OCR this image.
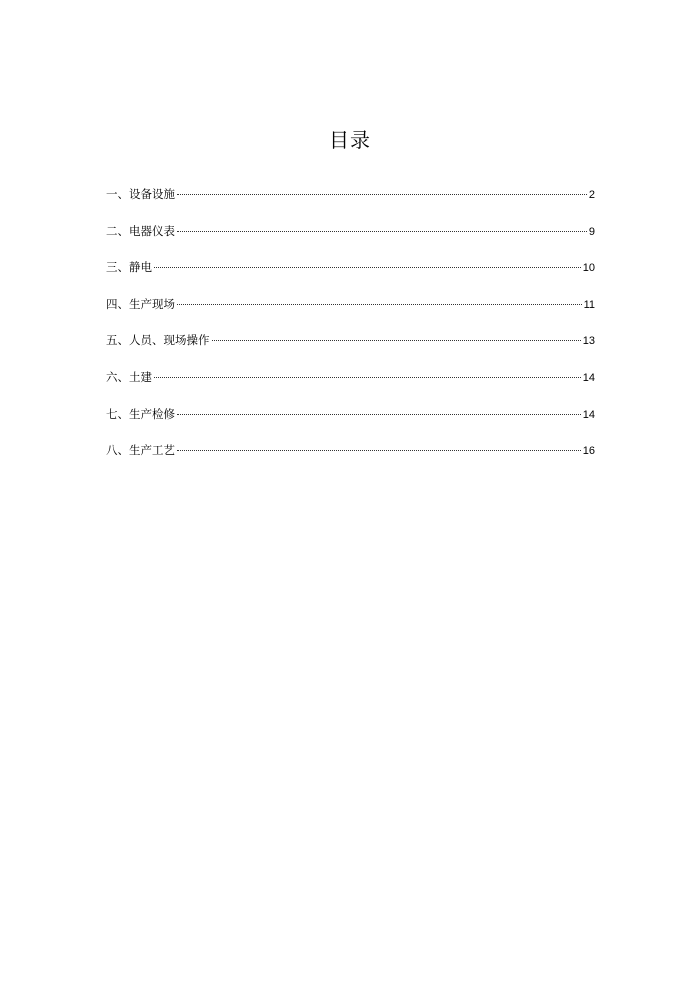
目录
一、设备设施	2
二、电器仪表	9
三、静电	10
四、生产现场	11
五、人员、现场操作	13
六、土建	14
七、生产检修	14
八、生产工艺	16
